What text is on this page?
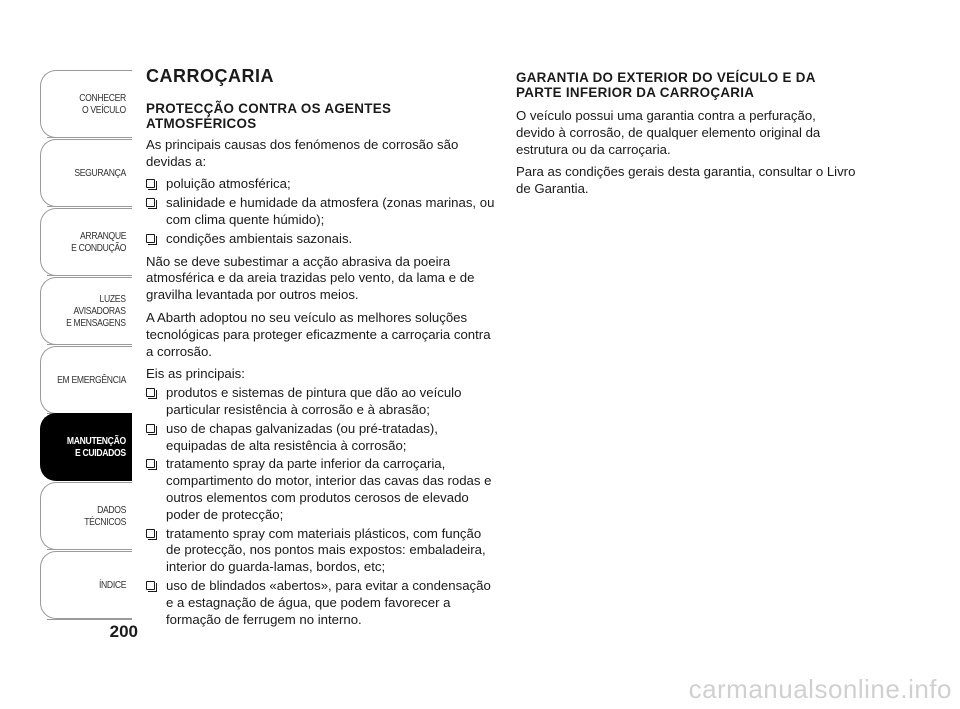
CONHECER
O VEÍCULO
SEGURANÇA
ARRANQUE
E CONDUÇÃO
LUZES
AVISADORAS
E MENSAGENS
EM EMERGÊNCIA
MANUTENÇÃO
E CUIDADOS
DADOS
TÉCNICOS
ÍNDICE
200
CARROÇARIA
PROTECÇÃO CONTRA OS AGENTES ATMOSFÉRICOS

As principais causas dos fenómenos de corrosão são devidas a:

poluição atmosférica;
salinidade e humidade da atmosfera (zonas marinas, ou com clima quente húmido);
condições ambientais sazonais.

Não se deve subestimar a acção abrasiva da poeira atmosférica e da areia trazidas pelo vento, da lama e de gravilha levantada por outros meios.

A Abarth adoptou no seu veículo as melhores soluções tecnológicas para proteger eficazmente a carroçaria contra a corrosão.

Eis as principais:

produtos e sistemas de pintura que dão ao veículo particular resistência à corrosão e à abrasão;
uso de chapas galvanizadas (ou pré-tratadas), equipadas de alta resistência à corrosão;
tratamento spray da parte inferior da carroçaria, compartimento do motor, interior das cavas das rodas e outros elementos com produtos cerosos de elevado poder de protecção;
tratamento spray com materiais plásticos, com função de protecção, nos pontos mais expostos: embaladeira, interior do guarda-lamas, bordos, etc;
uso de blindados «abertos», para evitar a condensação e a estagnação de água, que podem favorecer a formação de ferrugem no interno.
GARANTIA DO EXTERIOR DO VEÍCULO E DA PARTE INFERIOR DA CARROÇARIA

O veículo possui uma garantia contra a perfuração, devido à corrosão, de qualquer elemento original da estrutura ou da carroçaria.

Para as condições gerais desta garantia, consultar o Livro de Garantia.

carmanualsonline.info
